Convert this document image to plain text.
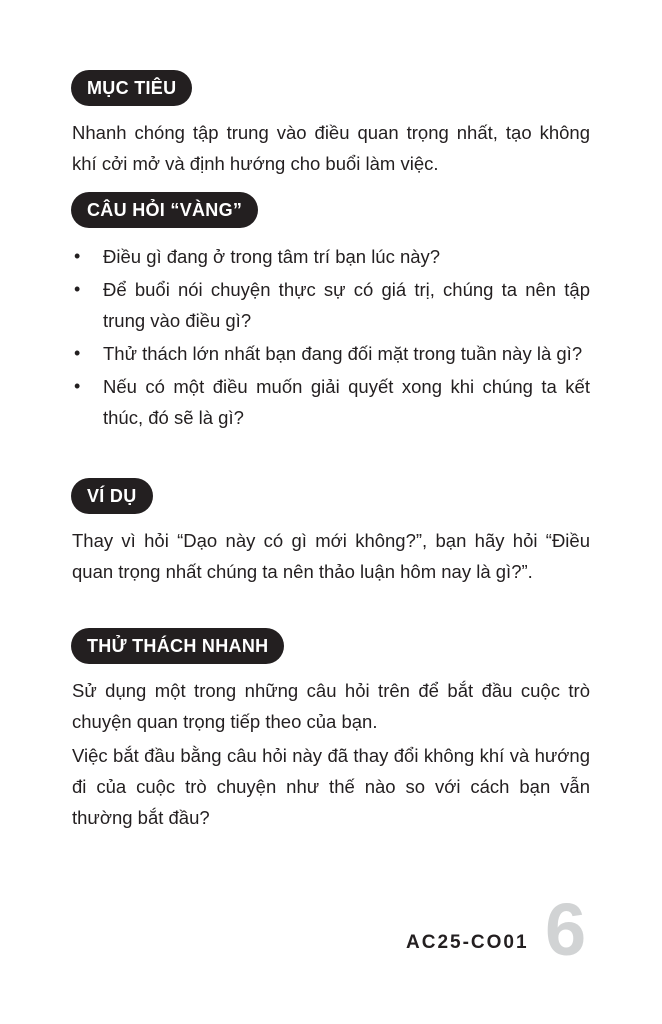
MỤC TIÊU

Nhanh chóng tập trung vào điều quan trọng nhất, tạo không khí cởi mở và định hướng cho buổi làm việc.

CÂU HỎI “VÀNG”
• Điều gì đang ở trong tâm trí bạn lúc này?
• Để buổi nói chuyện thực sự có giá trị, chúng ta nên tập trung vào điều gì?
• Thử thách lớn nhất bạn đang đối mặt trong tuần này là gì?
• Nếu có một điều muốn giải quyết xong khi chúng ta kết thúc, đó sẽ là gì?
VÍ DỤ

Thay vì hỏi “Dạo này có gì mới không?”, bạn hãy hỏi “Điều quan trọng nhất chúng ta nên thảo luận hôm nay là gì?”.

THỬ THÁCH NHANH

Sử dụng một trong những câu hỏi trên để bắt đầu cuộc trò chuyện quan trọng tiếp theo của bạn.

Việc bắt đầu bằng câu hỏi này đã thay đổi không khí và hướng đi của cuộc trò chuyện như thế nào so với cách bạn vẫn thường bắt đầu?

AC25-CO01 6
